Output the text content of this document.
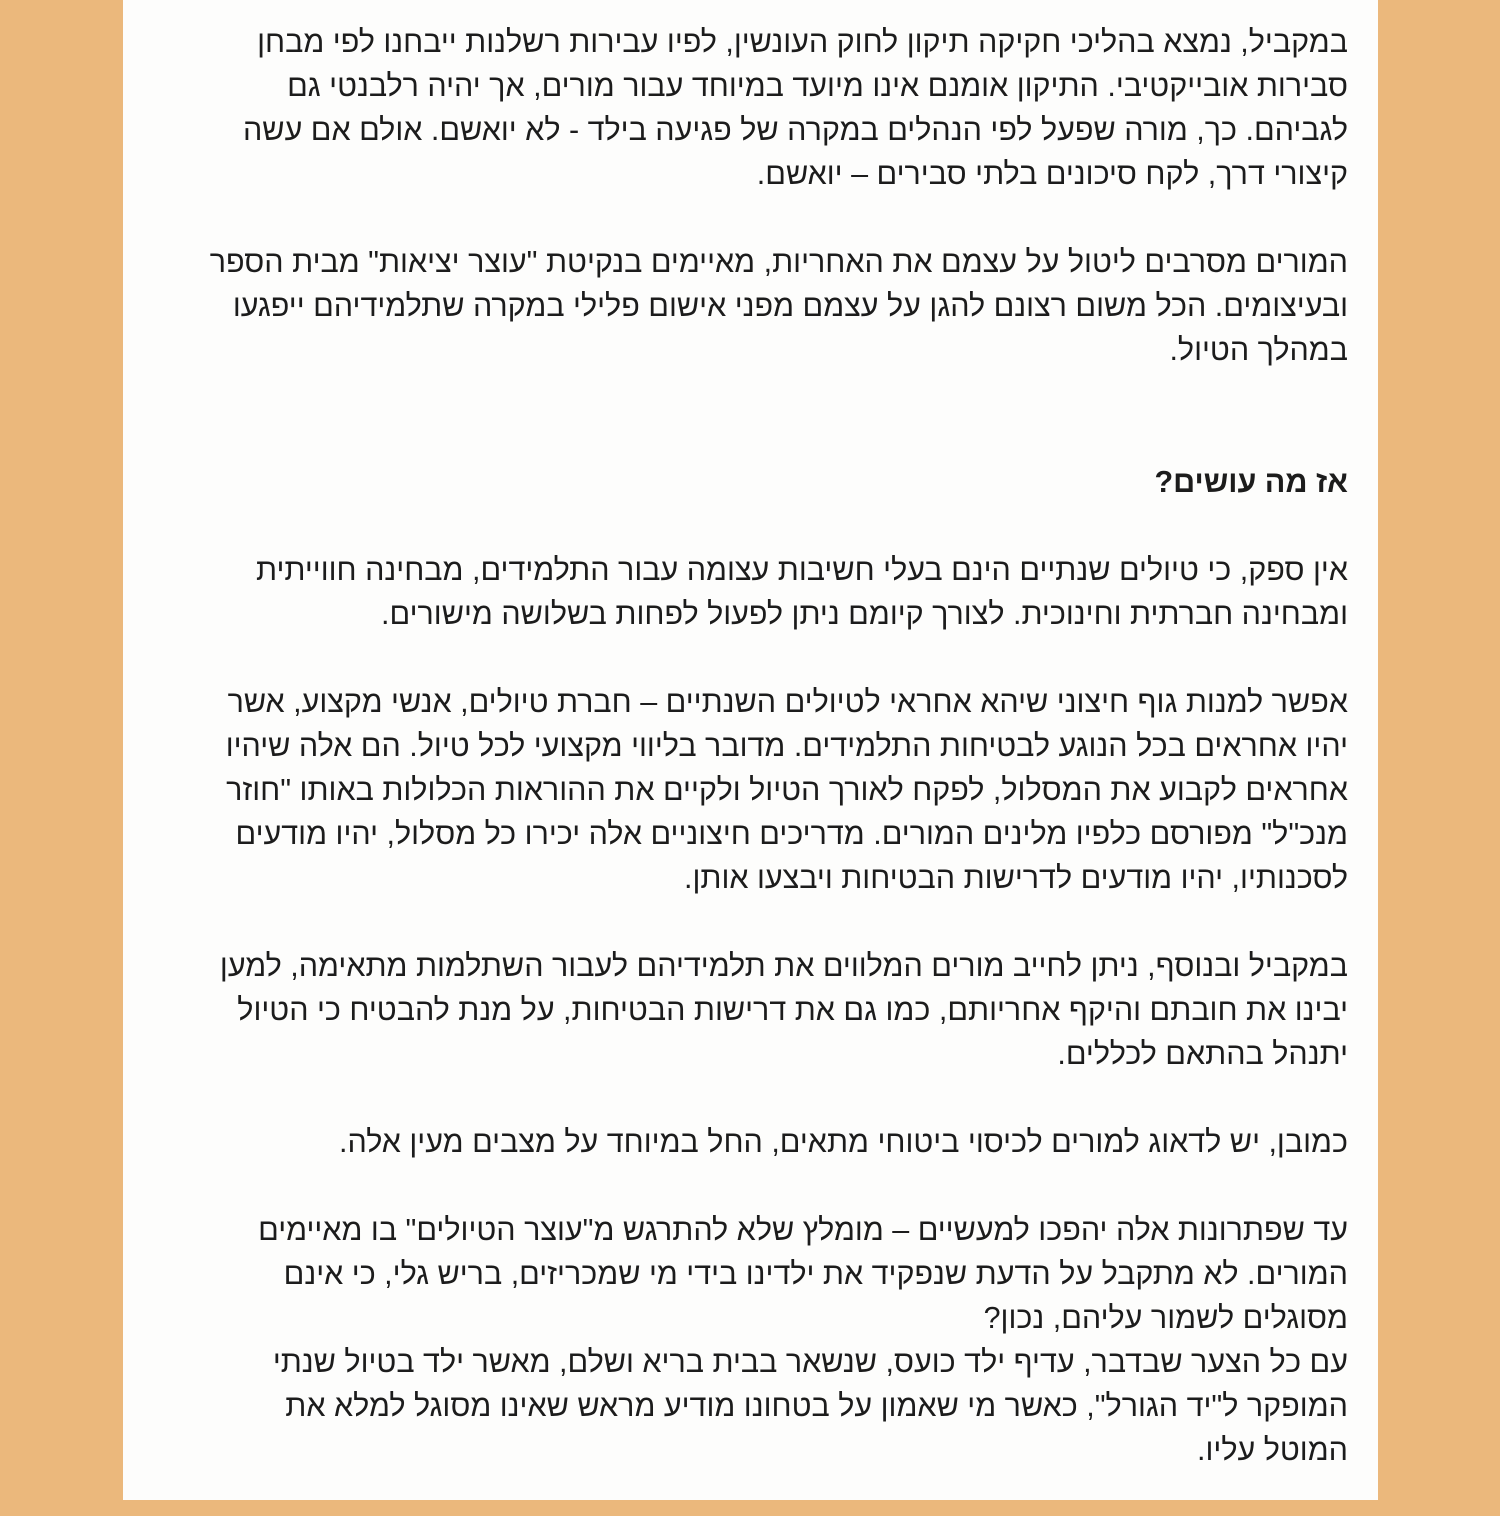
במקביל, נמצא בהליכי חקיקה תיקון לחוק העונשין, לפיו עבירות רשלנות ייבחנו לפי מבחן
סבירות אובייקטיבי. התיקון אומנם אינו מיועד במיוחד עבור מורים, אך יהיה רלבנטי גם
לגביהם. כך, מורה שפעל לפי הנהלים במקרה של פגיעה בילד - לא יואשם. אולם אם עשה
קיצורי דרך, לקח סיכונים בלתי סבירים – יואשם.
המורים מסרבים ליטול על עצמם את האחריות, מאיימים בנקיטת "עוצר יציאות" מבית הספר
ובעיצומים. הכל משום רצונם להגן על עצמם מפני אישום פלילי במקרה שתלמידיהם ייפגעו
במהלך הטיול.
אז מה עושים?
אין ספק, כי טיולים שנתיים הינם בעלי חשיבות עצומה עבור התלמידים, מבחינה חווייתית
ומבחינה חברתית וחינוכית. לצורך קיומם ניתן לפעול לפחות בשלושה מישורים.
אפשר למנות גוף חיצוני שיהא אחראי לטיולים השנתיים – חברת טיולים, אנשי מקצוע, אשר
יהיו אחראים בכל הנוגע לבטיחות התלמידים. מדובר בליווי מקצועי לכל טיול. הם אלה שיהיו
אחראים לקבוע את המסלול, לפקח לאורך הטיול ולקיים את ההוראות הכלולות באותו "חוזר
מנכ"ל" מפורסם כלפיו מלינים המורים. מדריכים חיצוניים אלה יכירו כל מסלול, יהיו מודעים
לסכנותיו, יהיו מודעים לדרישות הבטיחות ויבצעו אותן.
במקביל ובנוסף, ניתן לחייב מורים המלווים את תלמידיהם לעבור השתלמות מתאימה, למען
יבינו את חובתם והיקף אחריותם, כמו גם את דרישות הבטיחות, על מנת להבטיח כי הטיול
יתנהל בהתאם לכללים.
כמובן, יש לדאוג למורים לכיסוי ביטוחי מתאים, החל במיוחד על מצבים מעין אלה.
עד שפתרונות אלה יהפכו למעשיים – מומלץ שלא להתרגש מ"עוצר הטיולים" בו מאיימים
המורים. לא מתקבל על הדעת שנפקיד את ילדינו בידי מי שמכריזים, בריש גלי, כי אינם
מסוגלים לשמור עליהם, נכון?
עם כל הצער שבדבר, עדיף ילד כועס, שנשאר בבית בריא ושלם, מאשר ילד בטיול שנתי
המופקר ל"יד הגורל", כאשר מי שאמון על בטחונו מודיע מראש שאינו מסוגל למלא את
המוטל עליו.
